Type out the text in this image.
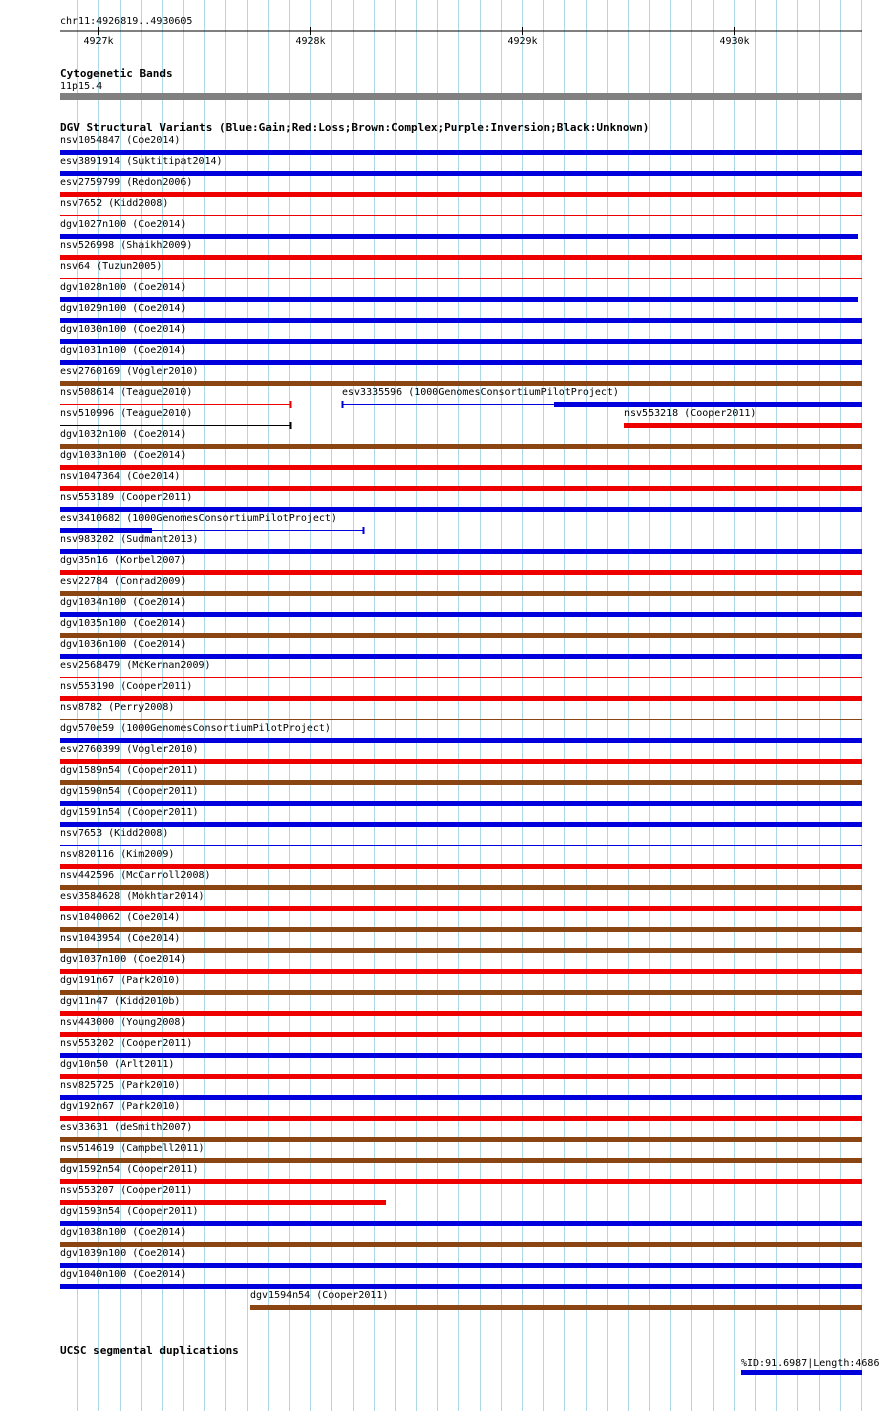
chr11:4926819..4930605
4927k	4928k	4929k	4930k
Cytogenetic Bands
11p15.4
DGV Structural Variants (Blue:Gain;Red:Loss;Brown:Complex;Purple:Inversion;Black:Unknown)
nsv1054847 (Coe2014)
esv3891914 (Suktitipat2014)
esv2759799 (Redon2006)
nsv7652 (Kidd2008)
dgv1027n100 (Coe2014)
nsv526998 (Shaikh2009)
nsv64 (Tuzun2005)
dgv1028n100 (Coe2014)
dgv1029n100 (Coe2014)
dgv1030n100 (Coe2014)
dgv1031n100 (Coe2014)
esv2760169 (Vogler2010)
nsv508614 (Teague2010)	esv3335596 (1000GenomesConsortiumPilotProject)
nsv510996 (Teague2010)	nsv553218 (Cooper2011)
dgv1032n100 (Coe2014)
dgv1033n100 (Coe2014)
nsv1047364 (Coe2014)
nsv553189 (Cooper2011)
esv3410682 (1000GenomesConsortiumPilotProject)
nsv983202 (Sudmant2013)
dgv35n16 (Korbel2007)
esv22784 (Conrad2009)
dgv1034n100 (Coe2014)
dgv1035n100 (Coe2014)
dgv1036n100 (Coe2014)
esv2568479 (McKernan2009)
nsv553190 (Cooper2011)
nsv8782 (Perry2008)
dgv570e59 (1000GenomesConsortiumPilotProject)
esv2760399 (Vogler2010)
dgv1589n54 (Cooper2011)
dgv1590n54 (Cooper2011)
dgv1591n54 (Cooper2011)
nsv7653 (Kidd2008)
nsv820116 (Kim2009)
nsv442596 (McCarroll2008)
esv3584628 (Mokhtar2014)
nsv1040062 (Coe2014)
nsv1043954 (Coe2014)
dgv1037n100 (Coe2014)
dgv191n67 (Park2010)
dgv11n47 (Kidd2010b)
nsv443000 (Young2008)
nsv553202 (Cooper2011)
dgv10n50 (Arlt2011)
nsv825725 (Park2010)
dgv192n67 (Park2010)
esv33631 (deSmith2007)
nsv514619 (Campbell2011)
dgv1592n54 (Cooper2011)
nsv553207 (Cooper2011)
dgv1593n54 (Cooper2011)
dgv1038n100 (Coe2014)
dgv1039n100 (Coe2014)
dgv1040n100 (Coe2014)
dgv1594n54 (Cooper2011)
UCSC segmental duplications
%ID:91.6987|Length:4686
